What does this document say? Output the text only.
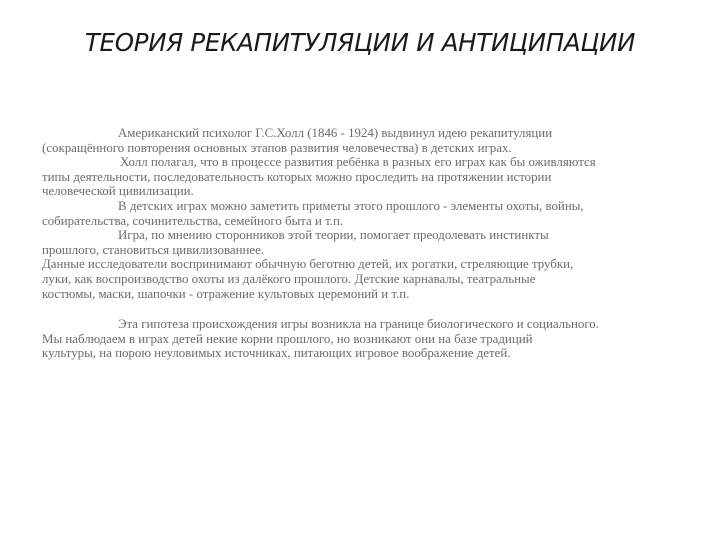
ТЕОРИЯ РЕКАПИТУЛЯЦИИ И АНТИЦИПАЦИИ
Американский психолог Г.С.Холл (1846 - 1924) выдвинул идею рекапитуляции
(сокращённого повторения основных этапов развития человечества) в детских играх.
Холл полагал, что в процессе развития ребёнка в разных его играх как бы оживляются
типы деятельности, последовательность которых можно проследить на протяжении истории
человеческой цивилизации.
В детских играх можно заметить приметы этого прошлого - элементы охоты, войны,
собирательства, сочинительства, семейного быта и т.п.
Игра, по мнению сторонников этой теории, помогает преодолевать инстинкты
прошлого, становиться цивилизованнее.
Данные исследователи воспринимают обычную беготню детей, их рогатки, стреляющие трубки,
луки, как воспроизводство охоты из далёкого прошлого. Детские карнавалы, театральные
костюмы, маски, шапочки - отражение культовых церемоний и т.п.
Эта гипотеза происхождения игры возникла на границе биологического и социального.
Мы наблюдаем в играх детей некие корни прошлого, но возникают они на базе традиций
культуры, на порою неуловимых источниках, питающих игровое воображение детей.
